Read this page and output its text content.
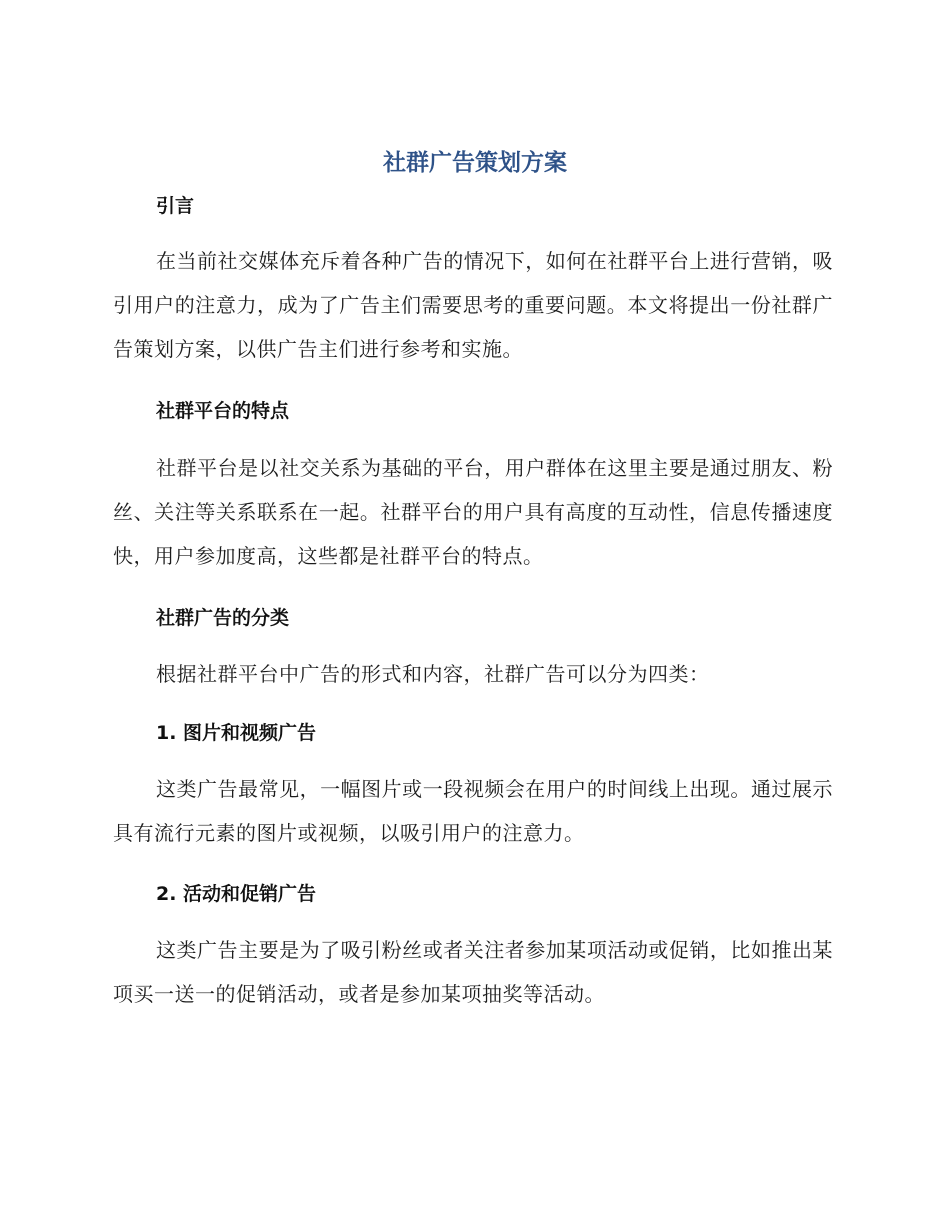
社群广告策划方案
引言

在当前社交媒体充斥着各种广告的情况下，如何在社群平台上进行营销，吸引用户的注意力，成为了广告主们需要思考的重要问题。本文将提出一份社群广告策划方案，以供广告主们进行参考和实施。

社群平台的特点

社群平台是以社交关系为基础的平台，用户群体在这里主要是通过朋友、粉丝、关注等关系联系在一起。社群平台的用户具有高度的互动性，信息传播速度快，用户参加度高，这些都是社群平台的特点。

社群广告的分类

根据社群平台中广告的形式和内容，社群广告可以分为四类：

1. 图片和视频广告

这类广告最常见，一幅图片或一段视频会在用户的时间线上出现。通过展示具有流行元素的图片或视频，以吸引用户的注意力。

2. 活动和促销广告

这类广告主要是为了吸引粉丝或者关注者参加某项活动或促销，比如推出某项买一送一的促销活动，或者是参加某项抽奖等活动。
